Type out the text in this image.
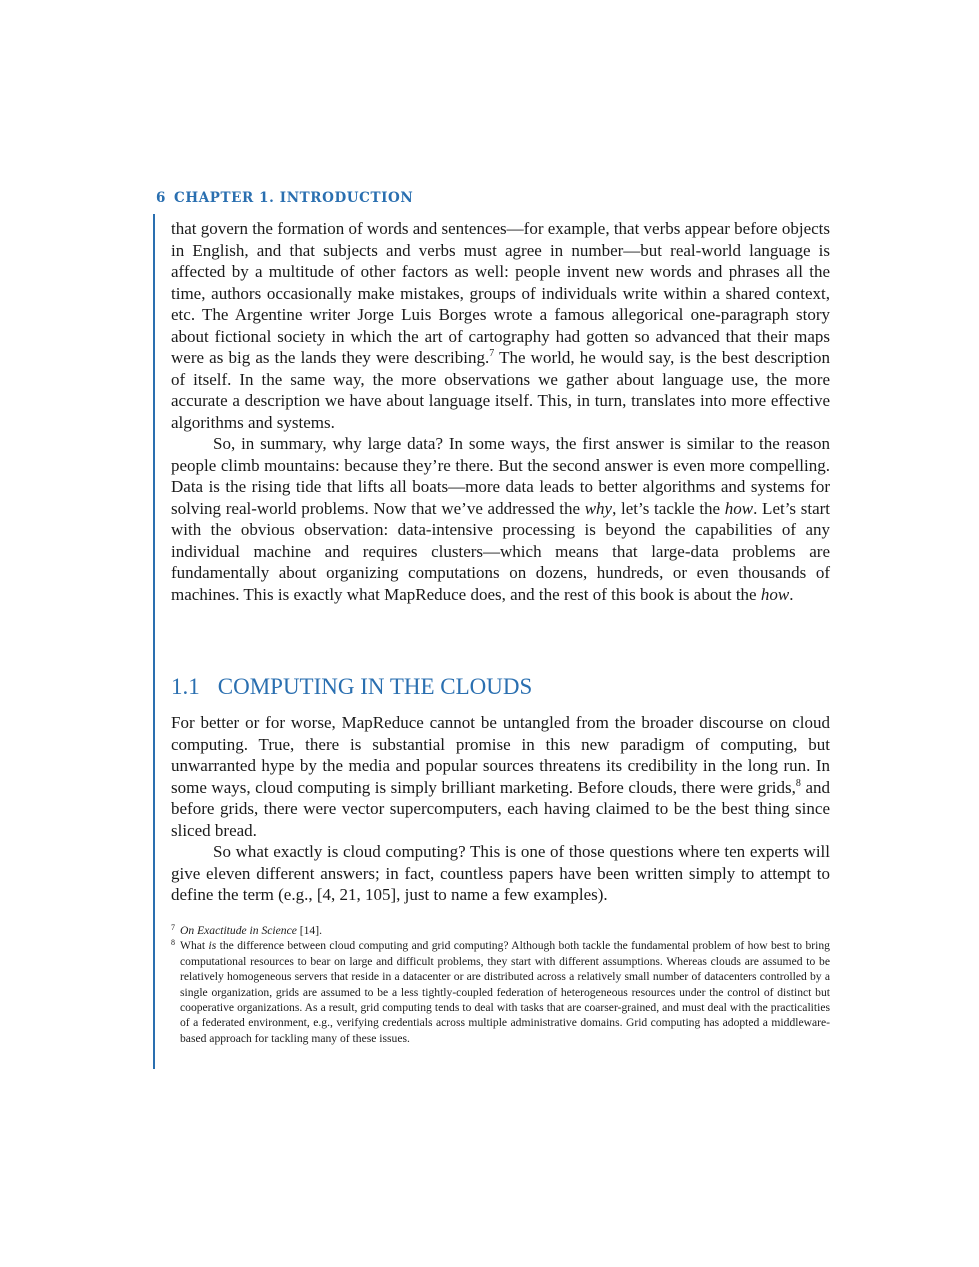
6 CHAPTER 1. INTRODUCTION

that govern the formation of words and sentences—for example, that verbs appear before objects in English, and that subjects and verbs must agree in number—but real-world language is affected by a multitude of other factors as well: people invent new words and phrases all the time, authors occasionally make mistakes, groups of individuals write within a shared context, etc. The Argentine writer Jorge Luis Borges wrote a famous allegorical one-paragraph story about fictional society in which the art of cartography had gotten so advanced that their maps were as big as the lands they were describing.$^7$ The world, he would say, is the best description of itself. In the same way, the more observations we gather about language use, the more accurate a description we have about language itself. This, in turn, translates into more effective algorithms and systems.

So, in summary, why large data? In some ways, the first answer is similar to the reason people climb mountains: because they’re there. But the second answer is even more compelling. Data is the rising tide that lifts all boats—more data leads to better algorithms and systems for solving real-world problems. Now that we’ve addressed the why, let’s tackle the how. Let’s start with the obvious observation: data-intensive processing is beyond the capabilities of any individual machine and requires clusters—which means that large-data problems are fundamentally about organizing computations on dozens, hundreds, or even thousands of machines. This is exactly what MapReduce does, and the rest of this book is about the how.

1.1 COMPUTING IN THE CLOUDS

For better or for worse, MapReduce cannot be untangled from the broader discourse on cloud computing. True, there is substantial promise in this new paradigm of computing, but unwarranted hype by the media and popular sources threatens its credibility in the long run. In some ways, cloud computing is simply brilliant marketing. Before clouds, there were grids,$^8$ and before grids, there were vector supercomputers, each having claimed to be the best thing since sliced bread.

So what exactly is cloud computing? This is one of those questions where ten experts will give eleven different answers; in fact, countless papers have been written simply to attempt to define the term (e.g., [4, 21, 105], just to name a few examples).

7 On Exactitude in Science [14].

8 What is the difference between cloud computing and grid computing? Although both tackle the fundamental problem of how best to bring computational resources to bear on large and difficult problems, they start with different assumptions. Whereas clouds are assumed to be relatively homogeneous servers that reside in a datacenter or are distributed across a relatively small number of datacenters controlled by a single organization, grids are assumed to be a less tightly-coupled federation of heterogeneous resources under the control of distinct but cooperative organizations. As a result, grid computing tends to deal with tasks that are coarser-grained, and must deal with the practicalities of a federated environment, e.g., verifying credentials across multiple administrative domains. Grid computing has adopted a middleware-based approach for tackling many of these issues.
